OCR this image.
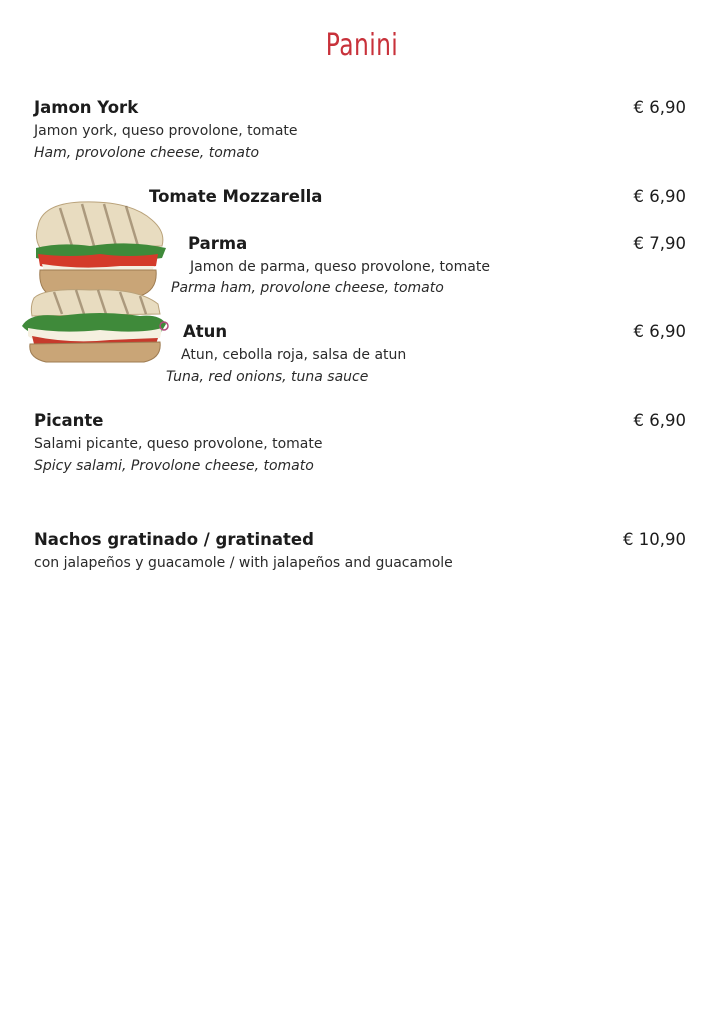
Panini
Jamon York	€ 6,90
Jamon york, queso provolone, tomate
Ham, provolone cheese, tomato
Tomate Mozzarella	€ 6,90
Parma	€ 7,90
Jamon de parma, queso provolone, tomate
Parma ham, provolone cheese, tomato
Atun	€ 6,90
Atun, cebolla roja, salsa de atun
Tuna, red onions, tuna sauce
Picante	€ 6,90
Salami picante, queso provolone, tomate
Spicy salami, Provolone cheese, tomato
Nachos gratinado / gratinated	€ 10,90
con jalapeños y guacamole / with jalapeños and guacamole
